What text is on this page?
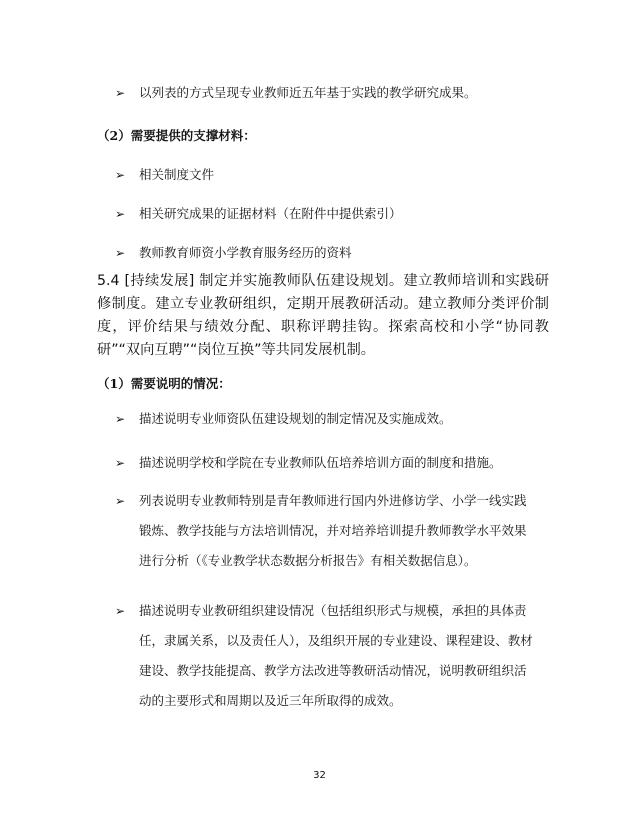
➢	以列表的方式呈现专业教师近五年基于实践的教学研究成果。
（2）需要提供的支撑材料：
➢	相关制度文件
➢	相关研究成果的证据材料（在附件中提供索引）
➢	教师教育师资小学教育服务经历的资料
5.4 [持续发展] 制定并实施教师队伍建设规划。建立教师培训和实践研修制度。建立专业教研组织，定期开展教研活动。建立教师分类评价制度，评价结果与绩效分配、职称评聘挂钩。探索高校和小学“协同教研”“双向互聘”“岗位互换”等共同发展机制。
（1）需要说明的情况：
➢	描述说明专业师资队伍建设规划的制定情况及实施成效。
➢	描述说明学校和学院在专业教师队伍培养培训方面的制度和措施。
➢	列表说明专业教师特别是青年教师进行国内外进修访学、小学一线实践锻炼、教学技能与方法培训情况，并对培养培训提升教师教学水平效果进行分析（《专业教学状态数据分析报告》有相关数据信息）。
➢	描述说明专业教研组织建设情况（包括组织形式与规模，承担的具体责任，隶属关系，以及责任人），及组织开展的专业建设、课程建设、教材建设、教学技能提高、教学方法改进等教研活动情况，说明教研组织活动的主要形式和周期以及近三年所取得的成效。
32
